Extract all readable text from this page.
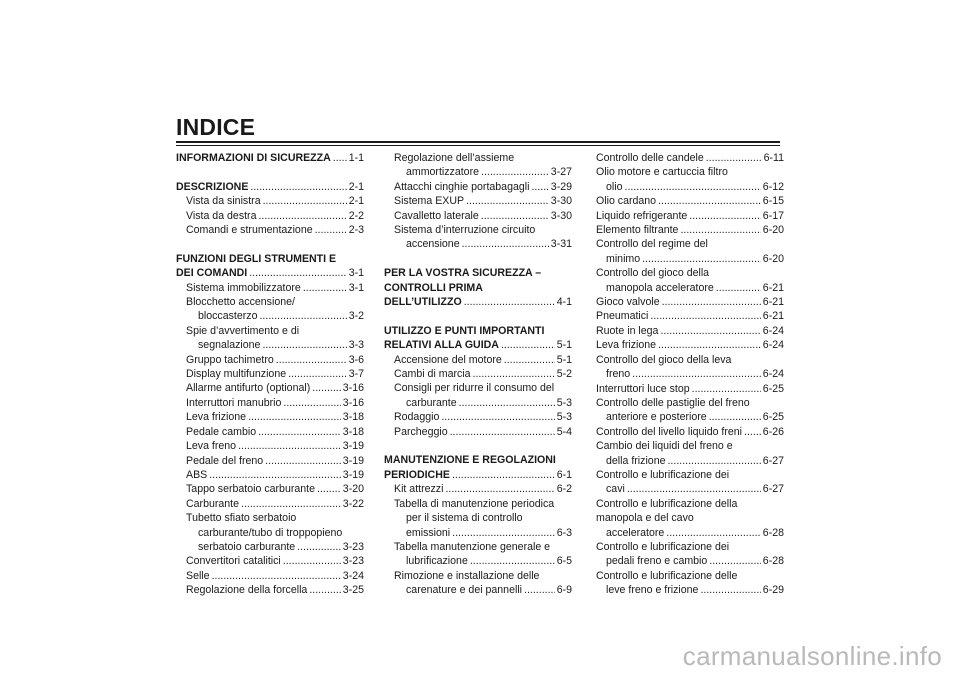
INDICE
INFORMAZIONI DI SICUREZZA ..... 1-1
DESCRIZIONE .....	2-1
Vista da sinistra .....	2-1
Vista da destra .....	2-2
Comandi e strumentazione .....	2-3
FUNZIONI DEGLI STRUMENTI E
DEI COMANDI .....	3-1
Sistema immobilizzatore .....	3-1
Blocchetto accensione/
bloccasterzo .....	3-2
Spie d’avvertimento e di
segnalazione .....	3-3
Gruppo tachimetro .....	3-6
Display multifunzione .....	3-7
Allarme antifurto (optional) .....	3-16
Interruttori manubrio .....	3-16
Leva frizione .....	3-18
Pedale cambio .....	3-18
Leva freno .....	3-19
Pedale del freno .....	3-19
ABS .....	3-19
Tappo serbatoio carburante .....	3-20
Carburante .....	3-22
Tubetto sfiato serbatoio
carburante/tubo di troppopieno
serbatoio carburante .....	3-23
Convertitori catalitici .....	3-23
Selle .....	3-24
Regolazione della forcella .....	3-25
Regolazione dell’assieme
ammortizzatore .....	3-27
Attacchi cinghie portabagagli ..... 3-29
Sistema EXUP .....	3-30
Cavalletto laterale .....	3-30
Sistema d’interruzione circuito
accensione .....	3-31
PER LA VOSTRA SICUREZZA –
CONTROLLI PRIMA
DELL’UTILIZZO .....	4-1
UTILIZZO E PUNTI IMPORTANTI
RELATIVI ALLA GUIDA .....	5-1
Accensione del motore .....	5-1
Cambi di marcia .....	5-2
Consigli per ridurre il consumo del
carburante .....	5-3
Rodaggio .....	5-3
Parcheggio .....	5-4
MANUTENZIONE E REGOLAZIONI
PERIODICHE .....	6-1
Kit attrezzi .....	6-2
Tabella di manutenzione periodica
per il sistema di controllo
emissioni .....	6-3
Tabella manutenzione generale e
lubrificazione .....	6-5
Rimozione e installazione delle
carenature e dei pannelli .....	6-9
Controllo delle candele .....	6-11
Olio motore e cartuccia filtro
olio .....	6-12
Olio cardano .....	6-15
Liquido refrigerante .....	6-17
Elemento filtrante .....	6-20
Controllo del regime del
minimo .....	6-20
Controllo del gioco della
manopola acceleratore .....	6-21
Gioco valvole .....	6-21
Pneumatici .....	6-21
Ruote in lega .....	6-24
Leva frizione .....	6-24
Controllo del gioco della leva
freno .....	6-24
Interruttori luce stop .....	6-25
Controllo delle pastiglie del freno
anteriore e posteriore .....	6-25
Controllo del livello liquido freni ..... 6-26
Cambio dei liquidi del freno e
della frizione .....	6-27
Controllo e lubrificazione dei
cavi .....	6-27
Controllo e lubrificazione della
manopola e del cavo
acceleratore .....	6-28
Controllo e lubrificazione dei
pedali freno e cambio .....	6-28
Controllo e lubrificazione delle
leve freno e frizione .....	6-29
carmanualsonline.info
